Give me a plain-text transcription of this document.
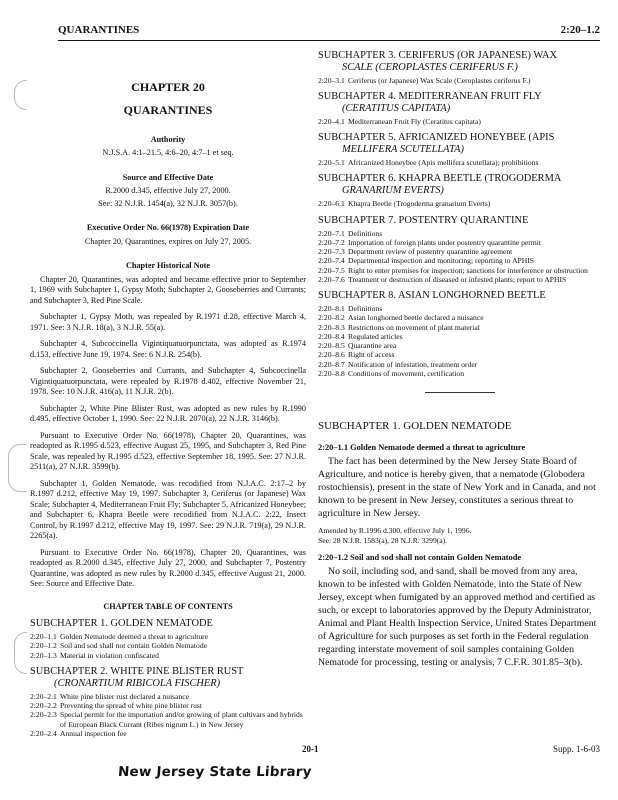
QUARANTINES	2:20–1.2
CHAPTER 20
QUARANTINES
Authority
N.J.S.A. 4:1–21.5, 4:6–20, 4:7–1 et seq.
Source and Effective Date
R.2000 d.345, effective July 27, 2000.
See: 32 N.J.R. 1454(a), 32 N.J.R. 3057(b).
Executive Order No. 66(1978) Expiration Date
Chapter 20, Quarantines, expires on July 27, 2005.
Chapter Historical Note

Chapter 20, Quarantines, was adopted and became effective prior to September 1, 1969 with Subchapter 1, Gypsy Moth; Subchapter 2, Gooseberries and Currants; and Subchapter 3, Red Pine Scale.

Subchapter 1, Gypsy Moth, was repealed by R.1971 d.28, effective March 4, 1971. See: 3 N.J.R. 18(a), 3 N.J.R. 55(a).

Subchapter 4, Subcoccinella Vigintiquatuorpunctata, was adopted as R.1974 d.153, effective June 19, 1974. See: 6 N.J.R. 254(b).

Subchapter 2, Gooseberries and Currants, and Subchapter 4, Subcoccinella Vigintiquatuorpunctata, were repealed by R.1978 d.402, effective November 21, 1978. See: 10 N.J.R. 416(a), 11 N.J.R. 2(b).

Subchapter 2, White Pine Blister Rust, was adopted as new rules by R.1990 d.495, effective October 1, 1990. See: 22 N.J.R. 2070(a), 22 N.J.R. 3146(b).

Pursuant to Executive Order No. 66(1978), Chapter 20, Quarantines, was readopted as R.1995 d.523, effective August 25, 1995, and Subchapter 3, Red Pine Scale, was repealed by R.1995 d.523, effective September 18, 1995. See: 27 N.J.R. 2511(a), 27 N.J.R. 3599(b).

Subchapter 1, Golden Nematode, was recodified from N.J.A.C. 2:17–2 by R.1997 d.212, effective May 19, 1997. Subchapter 3, Ceriferus (or Japanese) Wax Scale; Subchapter 4, Mediterranean Fruit Fly; Subchapter 5, Africanized Honeybee; and Subchapter 6, Khapra Beetle were recodified from N.J.A.C. 2:22, Insect Control, by R.1997 d.212, effective May 19, 1997. See: 29 N.J.R. 719(a), 29 N.J.R. 2265(a).

Pursuant to Executive Order No. 66(1978), Chapter 20, Quarantines, was readopted as R.2000 d.345, effective July 27, 2000, and Subchapter 7, Postentry Quarantine, was adopted as new rules by R.2000 d.345, effective August 21, 2000. See: Source and Effective Date.

CHAPTER TABLE OF CONTENTS
SUBCHAPTER 1. GOLDEN NEMATODE
2:20–1.1 Golden Nematode deemed a threat to agriculture
2:20–1.2 Soil and sod shall not contain Golden Nematode
2:20–1.3 Material in violation confiscated
SUBCHAPTER 2. WHITE PINE BLISTER RUST
(CRONARTIUM RIBICOLA FISCHER)
2:20–2.1 White pine blister rust declared a nuisance
2:20–2.2 Preventing the spread of white pine blister rust
2:20–2.3 Special permit for the importation and/or growing of plant cultivars and hybrids of European Black Currant (Ribes nigrum L.) in New Jersey
2:20–2.4 Annual inspection fee
SUBCHAPTER 3. CERIFERUS (OR JAPANESE) WAX
SCALE (CEROPLASTES CERIFERUS F.)
2:20–3.1 Ceriferus (or Japanese) Wax Scale (Ceroplastes ceriferus F.)
SUBCHAPTER 4. MEDITERRANEAN FRUIT FLY
(CERATITUS CAPITATA)
2:20–4.1 Mediterranean Fruit Fly (Ceratitus capitata)
SUBCHAPTER 5. AFRICANIZED HONEYBEE (APIS
MELLIFERA SCUTELLATA)
2:20–5.1 Africanized Honeybee (Apis mellifera scutellata); prohibitions
SUBCHAPTER 6. KHAPRA BEETLE (TROGODERMA
GRANARIUM EVERTS)
2:20–6.1 Khapra Beetle (Trogoderma granarium Everts)
SUBCHAPTER 7. POSTENTRY QUARANTINE
2:20–7.1 Definitions
2:20–7.2 Importation of foreign plants under postentry quarantine permit
2:20–7.3 Department review of postentry quarantine agreement
2:20–7.4 Departmental inspection and monitoring; reporting to APHIS
2:20–7.5 Right to enter premises for inspection; sanctions for interference or obstruction
2:20–7.6 Treatment or destruction of diseased or infested plants; report to APHIS
SUBCHAPTER 8. ASIAN LONGHORNED BEETLE
2:20–8.1 Definitions
2:20–8.2 Asian longhorned beetle declared a nuisance
2:20–8.3 Restrictions on movement of plant material
2:20–8.4 Regulated articles
2:20–8.5 Quarantine area
2:20–8.6 Right of access
2:20–8.7 Notification of infestation, treatment order
2:20–8.8 Conditions of movement, certification
SUBCHAPTER 1. GOLDEN NEMATODE
2:20–1.1 Golden Nematode deemed a threat to agriculture

The fact has been determined by the New Jersey State Board of Agriculture, and notice is hereby given, that a nematode (Globodera rostochiensis), present in the state of New York and in Canada, and not known to be present in New Jersey, constitutes a serious threat to agriculture in New Jersey.

Amended by R.1996 d.300, effective July 1, 1996.
See: 28 N.J.R. 1583(a), 28 N.J.R. 3299(a).
2:20–1.2 Soil and sod shall not contain Golden Nematode

No soil, including sod, and sand, shall be moved from any area, known to be infested with Golden Nematode, into the State of New Jersey, except when fumigated by an approved method and certified as such, or except to laboratories approved by the Deputy Administrator, Animal and Plant Health Inspection Service, United States Department of Agriculture for such purposes as set forth in the Federal regulation regarding interstate movement of soil samples containing Golden Nematode for processing, testing or analysis, 7 C.F.R. 301.85–3(b).

20-1	Supp. 1-6-03
New Jersey State Library
